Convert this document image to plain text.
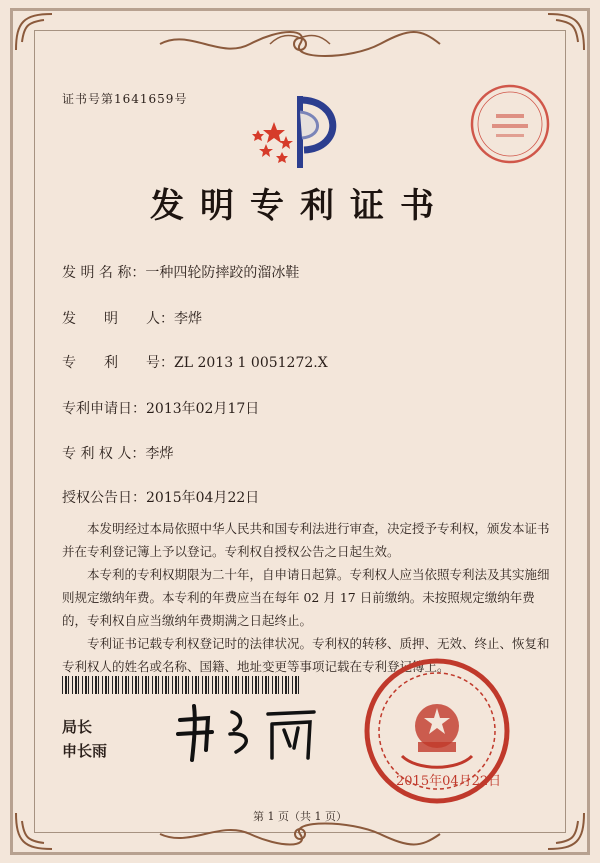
证书号第1641659号
发明专利证书
发 明 名 称：一种四轮防摔跤的溜冰鞋
发　　明　　人：李烨
专　　利　　号：ZL 2013 1 0051272.X
专利申请日：2013年02月17日
专 利 权 人：李烨
授权公告日：2015年04月22日

本发明经过本局依照中华人民共和国专利法进行审查，决定授予专利权，颁发本证书并在专利登记簿上予以登记。专利权自授权公告之日起生效。

本专利的专利权期限为二十年，自申请日起算。专利权人应当依照专利法及其实施细则规定缴纳年费。本专利的年费应当在每年 02 月 17 日前缴纳。未按照规定缴纳年费的，专利权自应当缴纳年费期满之日起终止。

专利证书记载专利权登记时的法律状况。专利权的转移、质押、无效、终止、恢复和专利权人的姓名或名称、国籍、地址变更等事项记载在专利登记簿上。

局长
申长雨
2015年04月22日
第 1 页（共 1 页）
